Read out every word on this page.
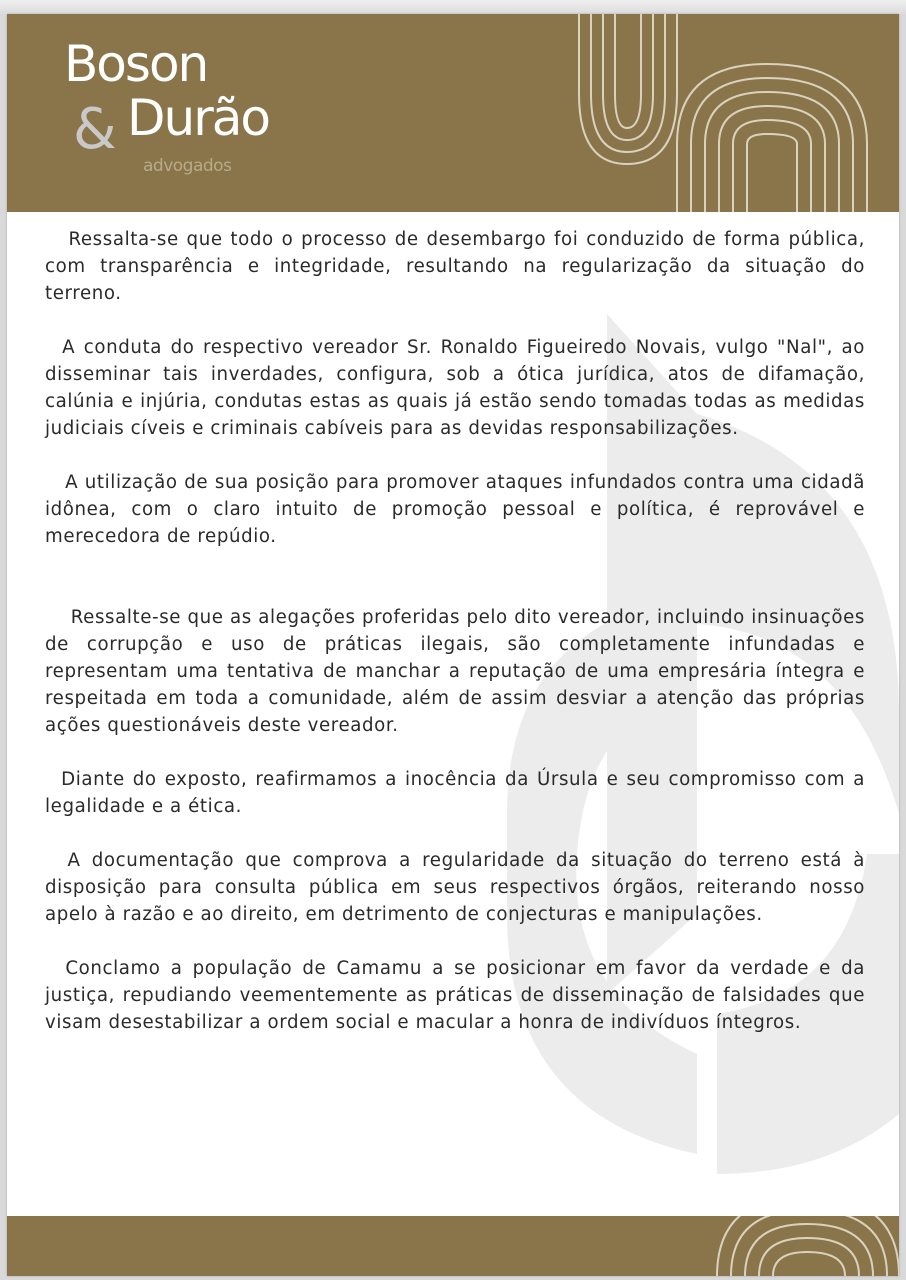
Boson
& Durão
advogados

Ressalta-se que todo o processo de desembargo foi conduzido de forma pública, com transparência e integridade, resultando na regularização da situação do terreno.

A conduta do respectivo vereador Sr. Ronaldo Figueiredo Novais, vulgo "Nal", ao disseminar tais inverdades, configura, sob a ótica jurídica, atos de difamação, calúnia e injúria, condutas estas as quais já estão sendo tomadas todas as medidas judiciais cíveis e criminais cabíveis para as devidas responsabilizações.

A utilização de sua posição para promover ataques infundados contra uma cidadã idônea, com o claro intuito de promoção pessoal e política, é reprovável e merecedora de repúdio.

Ressalte-se que as alegações proferidas pelo dito vereador, incluindo insinuações de corrupção e uso de práticas ilegais, são completamente infundadas e representam uma tentativa de manchar a reputação de uma empresária íntegra e respeitada em toda a comunidade, além de assim desviar a atenção das próprias ações questionáveis deste vereador.

Diante do exposto, reafirmamos a inocência da Úrsula e seu compromisso com a legalidade e a ética.

A documentação que comprova a regularidade da situação do terreno está à disposição para consulta pública em seus respectivos órgãos, reiterando nosso apelo à razão e ao direito, em detrimento de conjecturas e manipulações.

Conclamo a população de Camamu a se posicionar em favor da verdade e da justiça, repudiando veementemente as práticas de disseminação de falsidades que visam desestabilizar a ordem social e macular a honra de indivíduos íntegros.
